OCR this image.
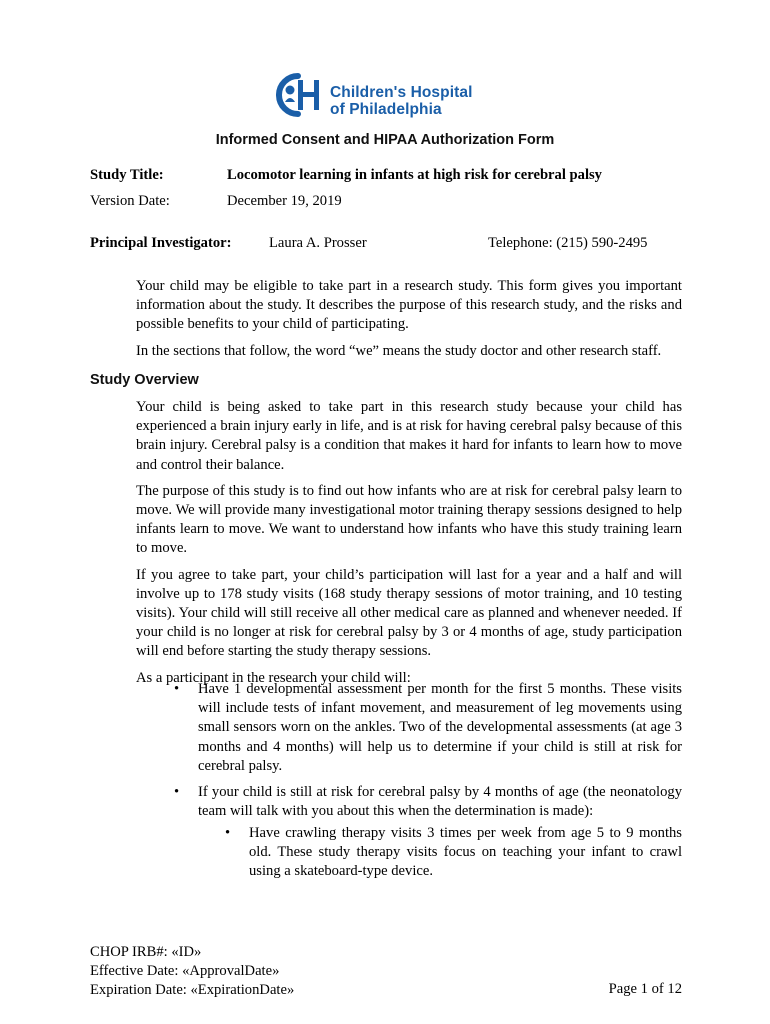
Children's Hospital
of Philadelphia
Informed Consent and HIPAA Authorization Form
Study Title:	Locomotor learning in infants at high risk for cerebral palsy
Version Date:	December 19, 2019
Principal Investigator:	Laura A. Prosser	Telephone: (215) 590-2495

Your child may be eligible to take part in a research study. This form gives you important information about the study. It describes the purpose of this research study, and the risks and possible benefits to your child of participating.

In the sections that follow, the word “we” means the study doctor and other research staff.

Study Overview

Your child is being asked to take part in this research study because your child has experienced a brain injury early in life, and is at risk for having cerebral palsy because of this brain injury. Cerebral palsy is a condition that makes it hard for infants to learn how to move and control their balance.

The purpose of this study is to find out how infants who are at risk for cerebral palsy learn to move. We will provide many investigational motor training therapy sessions designed to help infants learn to move. We want to understand how infants who have this study training learn to move.

If you agree to take part, your child’s participation will last for a year and a half and will involve up to 178 study visits (168 study therapy sessions of motor training, and 10 testing visits). Your child will still receive all other medical care as planned and whenever needed. If your child is no longer at risk for cerebral palsy by 3 or 4 months of age, study participation will end before starting the study therapy sessions.

As a participant in the research your child will:

• Have 1 developmental assessment per month for the first 5 months. These visits will include tests of infant movement, and measurement of leg movements using small sensors worn on the ankles. Two of the developmental assessments (at age 3 months and 4 months) will help us to determine if your child is still at risk for cerebral palsy.
• If your child is still at risk for cerebral palsy by 4 months of age (the neonatology team will talk with you about this when the determination is made):
• Have crawling therapy visits 3 times per week from age 5 to 9 months old. These study therapy visits focus on teaching your infant to crawl using a skateboard-type device.
CHOP IRB#: «ID»
Effective Date: «ApprovalDate»
Expiration Date: «ExpirationDate»	Page 1 of 12
